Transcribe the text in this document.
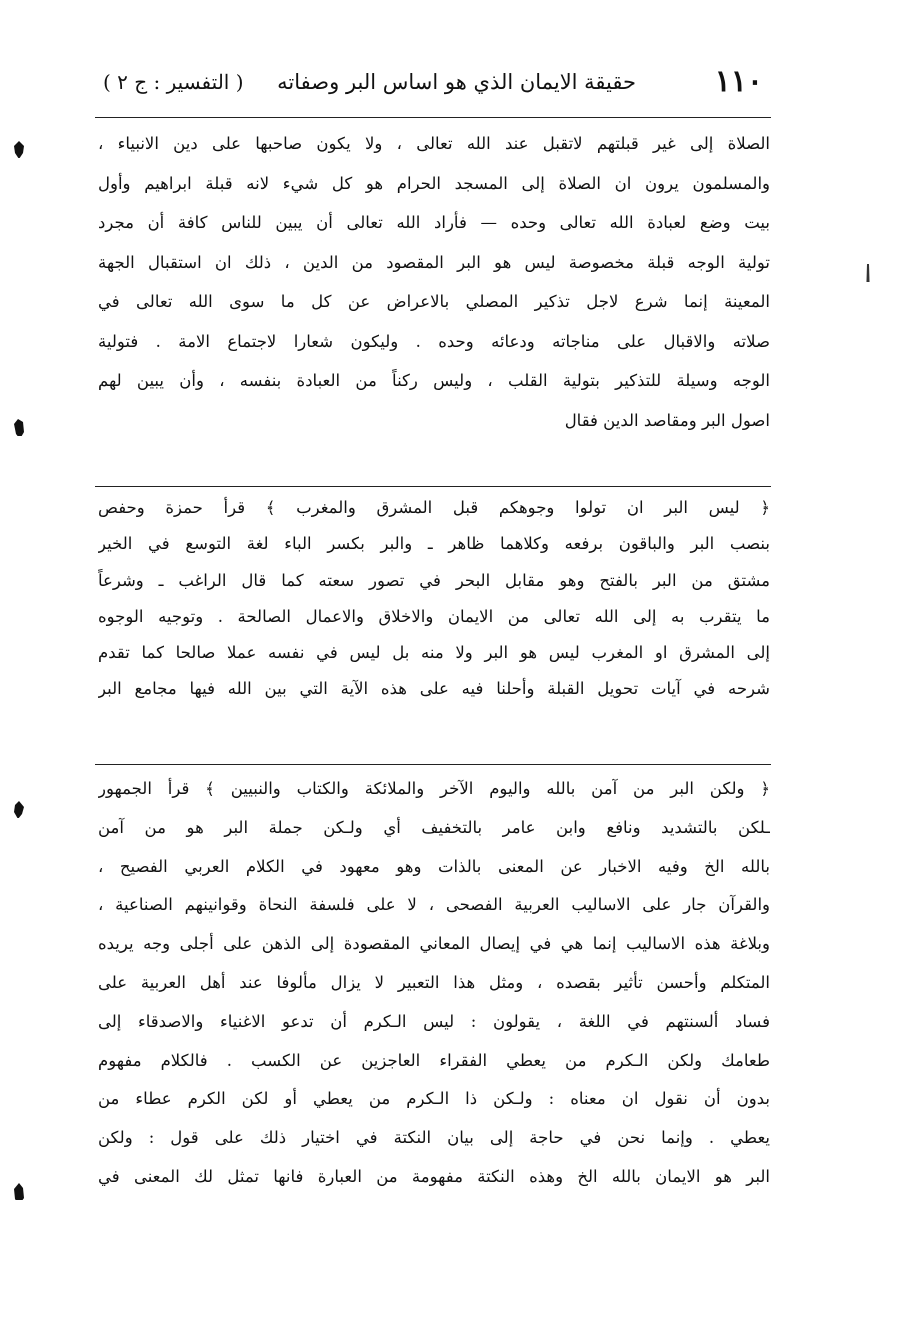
١١٠
حقيقة الايمان الذي هو اساس البر وصفاته
( التفسير : ج ٢ )
الصلاة إلى غير قبلتهم لاتقبل عند الله تعالى ، ولا يكون صاحبها على دين الانبياء ،
والمسلمون يرون ان الصلاة إلى المسجد الحرام هو كل شيء لانه قبلة ابراهيم وأول
بيت وضع لعبادة الله تعالى وحده — فأراد الله تعالى أن يبين للناس كافة أن مجرد
تولية الوجه قبلة مخصوصة ليس هو البر المقصود من الدين ، ذلك ان استقبال الجهة
المعينة إنما شرع لاجل تذكير المصلي بالاعراض عن كل ما سوى الله تعالى في
صلاته والاقبال على مناجاته ودعائه وحده . وليكون شعارا لاجتماع الامة . فتولية
الوجه وسيلة للتذكير بتولية القلب ، وليس ركناً من العبادة بنفسه ، وأن يبين لهم
اصول البر ومقاصد الدين فقال
﴿ ليس البر ان تولوا وجوهكم قبل المشرق والمغرب ﴾ قرأ حمزة وحفص
بنصب البر والباقون برفعه وكلاهما ظاهر ـ والبر بكسر الباء لغة التوسع في الخير
مشتق من البر بالفتح وهو مقابل البحر في تصور سعته كما قال الراغب ـ وشرعاً
ما يتقرب به إلى الله تعالى من الايمان والاخلاق والاعمال الصالحة . وتوجيه الوجوه
إلى المشرق او المغرب ليس هو البر ولا منه بل ليس في نفسه عملا صالحا كما تقدم
شرحه في آيات تحويل القبلة وأحلنا فيه على هذه الآية التي بين الله فيها مجامع البر
﴿ ولكن البر من آمن بالله واليوم الآخر والملائكة والكتاب والنبيين ﴾ قرأ الجمهور
ـلكن بالتشديد ونافع وابن عامر بالتخفيف أي ولـكن جملة البر هو من آمن
بالله الخ وفيه الاخبار عن المعنى بالذات وهو معهود في الكلام العربي الفصيح ،
والقرآن جار على الاساليب العربية الفصحى ، لا على فلسفة النحاة وقوانينهم الصناعية ،
وبلاغة هذه الاساليب إنما هي في إيصال المعاني المقصودة إلى الذهن على أجلى وجه يريده
المتكلم وأحسن تأثير بقصده ، ومثل هذا التعبير لا يزال مألوفا عند أهل العربية على
فساد ألسنتهم في اللغة ، يقولون : ليس الـكرم أن تدعو الاغنياء والاصدقاء إلى
طعامك ولكن الـكرم من يعطي الفقراء العاجزين عن الكسب . فالكلام مفهوم
بدون أن نقول ان معناه : ولـكن ذا الـكرم من يعطي أو لكن الكرم عطاء من
يعطي . وإنما نحن في حاجة إلى بيان النكتة في اختيار ذلك على قول : ولكن
البر هو الايمان بالله الخ وهذه النكتة مفهومة من العبارة فانها تمثل لك المعنى في
